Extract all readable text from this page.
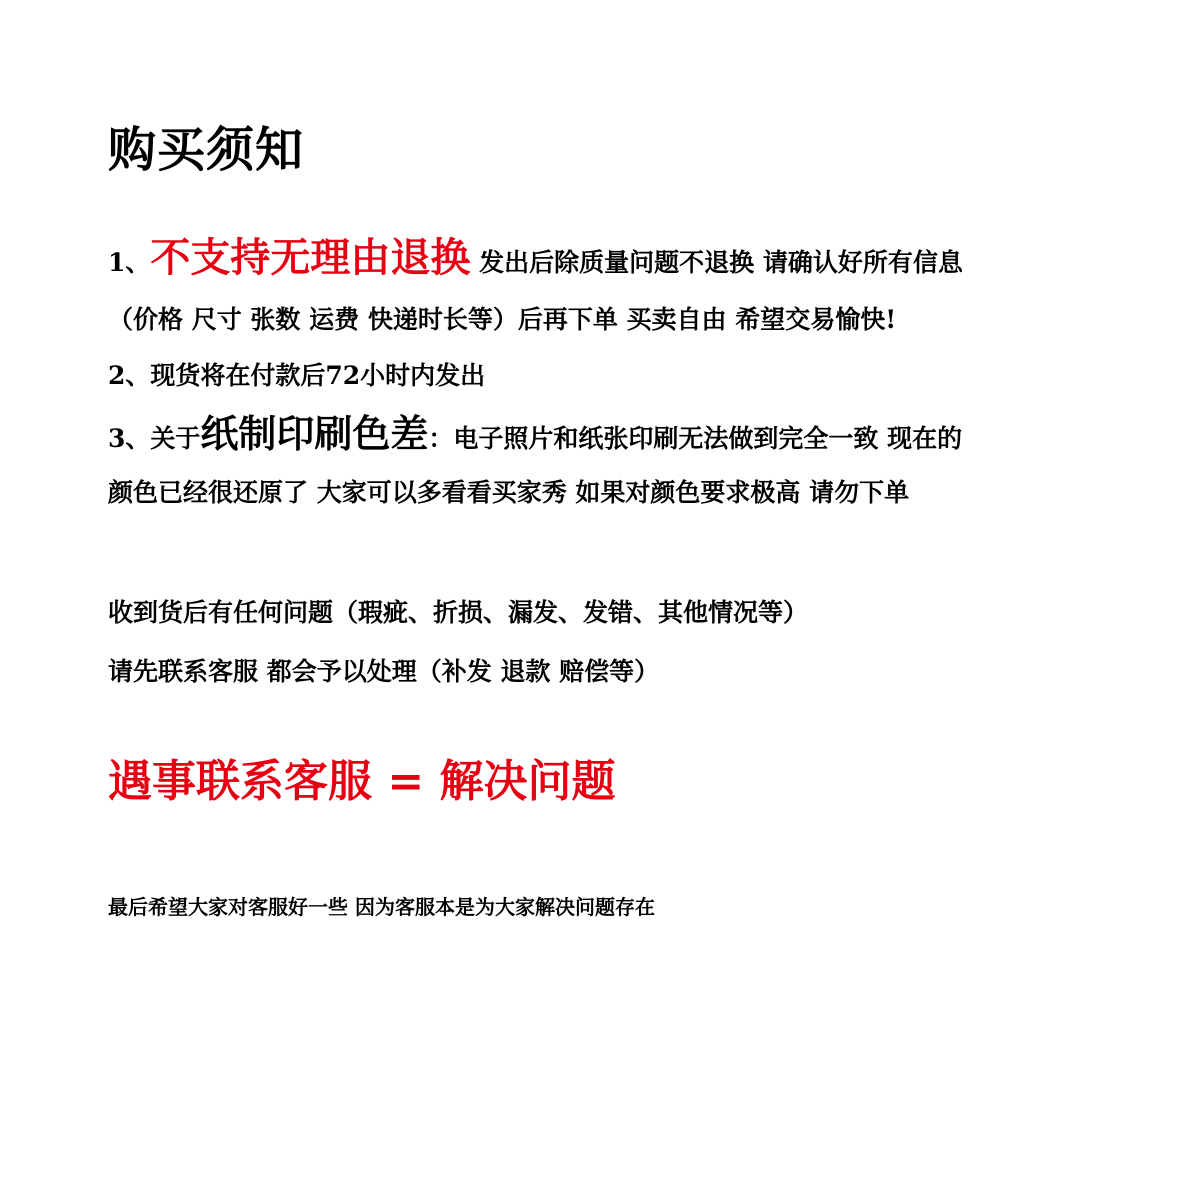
购买须知
1、不支持无理由退换 发出后除质量问题不退换 请确认好所有信息
（价格 尺寸 张数 运费 快递时长等）后再下单 买卖自由 希望交易愉快!
2、现货将在付款后72小时内发出
3、关于纸制印刷色差：电子照片和纸张印刷无法做到完全一致 现在的
颜色已经很还原了 大家可以多看看买家秀 如果对颜色要求极高 请勿下单
收到货后有任何问题（瑕疵、折损、漏发、发错、其他情况等）
请先联系客服 都会予以处理（补发 退款 赔偿等）
遇事联系客服 = 解决问题
最后希望大家对客服好一些 因为客服本是为大家解决问题存在
